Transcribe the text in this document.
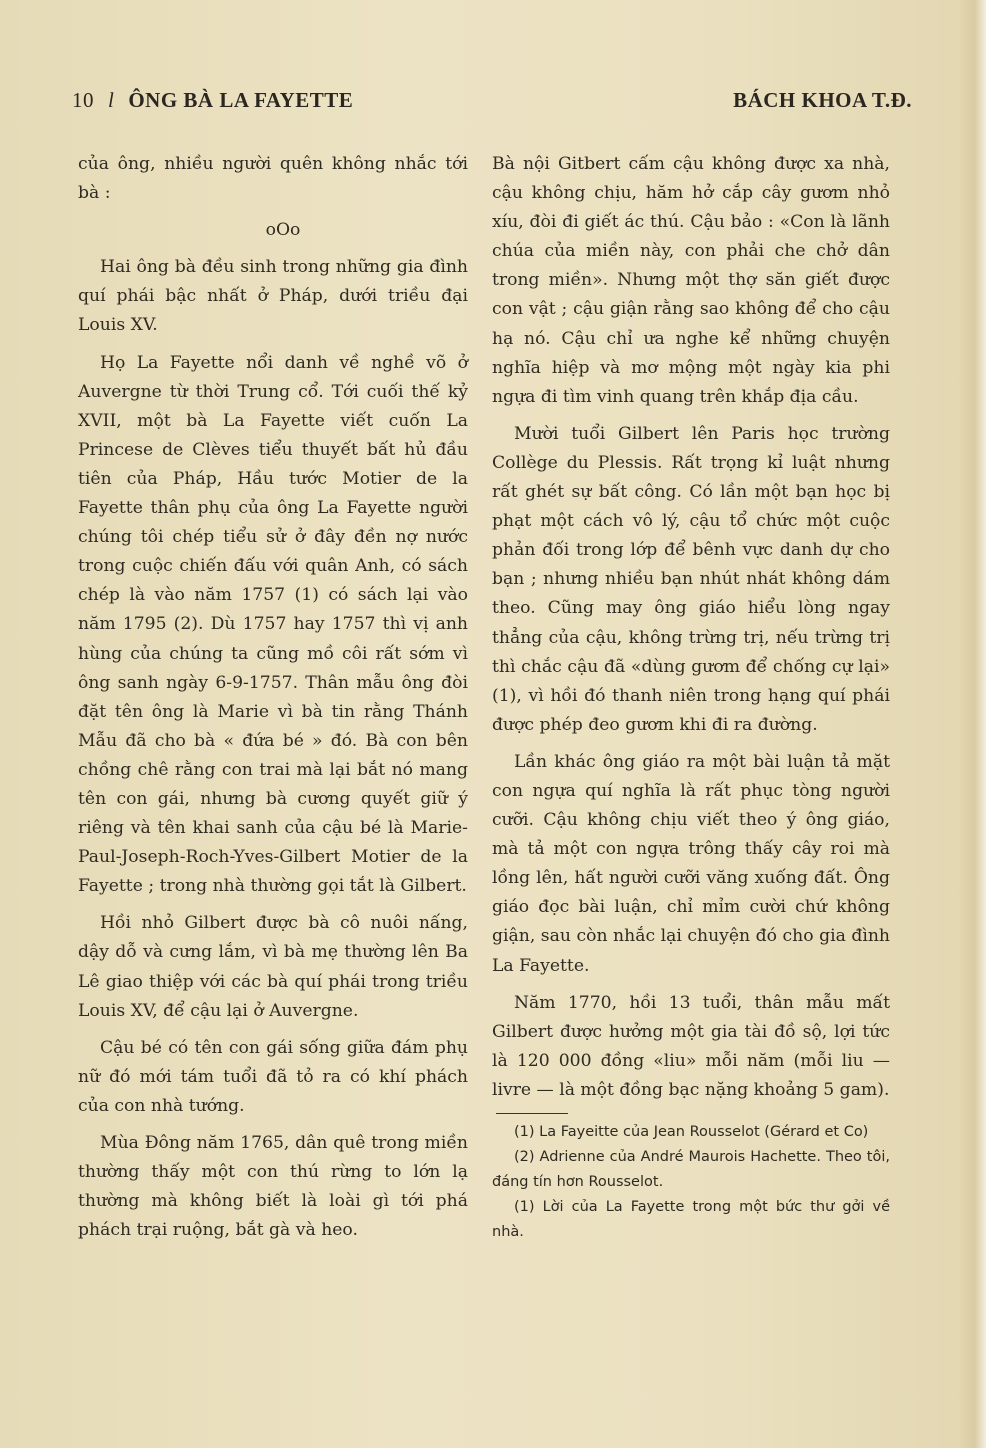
10 l ÔNG BÀ LA FAYETTE	BÁCH KHOA T.Đ.

của ông, nhiều người quên không nhắc tới bà :

oOo

Hai ông bà đều sinh trong những gia đình quí phái bậc nhất ở Pháp, dưới triều đại Louis XV.

Họ La Fayette nổi danh về nghề võ ở Auvergne từ thời Trung cổ. Tới cuối thế kỷ XVII, một bà La Fayette viết cuốn La Princese de Clèves tiểu thuyết bất hủ đầu tiên của Pháp, Hầu tước Motier de la Fayette thân phụ của ông La Fayette người chúng tôi chép tiểu sử ở đây đền nợ nước trong cuộc chiến đấu với quân Anh, có sách chép là vào năm 1757 (1) có sách lại vào năm 1795 (2). Dù 1757 hay 1757 thì vị anh hùng của chúng ta cũng mồ côi rất sớm vì ông sanh ngày 6-9-1757. Thân mẫu ông đòi đặt tên ông là Marie vì bà tin rằng Thánh Mẫu đã cho bà « đứa bé » đó. Bà con bên chồng chê rằng con trai mà lại bắt nó mang tên con gái, nhưng bà cương quyết giữ ý riêng và tên khai sanh của cậu bé là Marie-Paul-Joseph-Roch-Yves-Gilbert Motier de la Fayette ; trong nhà thường gọi tắt là Gilbert.

Hồi nhỏ Gilbert được bà cô nuôi nấng, dậy dỗ và cưng lắm, vì bà mẹ thường lên Ba Lê giao thiệp với các bà quí phái trong triều Louis XV, để cậu lại ở Auvergne.

Cậu bé có tên con gái sống giữa đám phụ nữ đó mới tám tuổi đã tỏ ra có khí phách của con nhà tướng.

Mùa Đông năm 1765, dân quê trong miền thường thấy một con thú rừng to lớn lạ thường mà không biết là loài gì tới phá phách trại ruộng, bắt gà và heo.

Bà nội Gitbert cấm cậu không được xa nhà, cậu không chịu, hăm hở cắp cây gươm nhỏ xíu, đòi đi giết ác thú. Cậu bảo : «Con là lãnh chúa của miền này, con phải che chở dân trong miền». Nhưng một thợ săn giết được con vật ; cậu giận rằng sao không để cho cậu hạ nó. Cậu chỉ ưa nghe kể những chuyện nghĩa hiệp và mơ mộng một ngày kia phi ngựa đi tìm vinh quang trên khắp địa cầu.

Mười tuổi Gilbert lên Paris học trường Collège du Plessis. Rất trọng kỉ luật nhưng rất ghét sự bất công. Có lần một bạn học bị phạt một cách vô lý, cậu tổ chức một cuộc phản đối trong lớp để bênh vực danh dự cho bạn ; nhưng nhiều bạn nhút nhát không dám theo. Cũng may ông giáo hiểu lòng ngay thẳng của cậu, không trừng trị, nếu trừng trị thì chắc cậu đã «dùng gươm để chống cự lại» (1), vì hồi đó thanh niên trong hạng quí phái được phép đeo gươm khi đi ra đường.

Lần khác ông giáo ra một bài luận tả mặt con ngựa quí nghĩa là rất phục tòng người cưỡi. Cậu không chịu viết theo ý ông giáo, mà tả một con ngựa trông thấy cây roi mà lồng lên, hất người cưỡi văng xuống đất. Ông giáo đọc bài luận, chỉ mỉm cười chứ không giận, sau còn nhắc lại chuyện đó cho gia đình La Fayette.

Năm 1770, hồi 13 tuổi, thân mẫu mất Gilbert được hưởng một gia tài đồ sộ, lợi tức là 120 000 đồng «liu» mỗi năm (mỗi liu — livre — là một đồng bạc nặng khoảng 5 gam).

(1) La Fayeitte của Jean Rousselot (Gérard et Co)

(2) Adrienne của André Maurois Hachette. Theo tôi, đáng tín hơn Rousselot.

(1) Lời của La Fayette trong một bức thư gởi về nhà.
